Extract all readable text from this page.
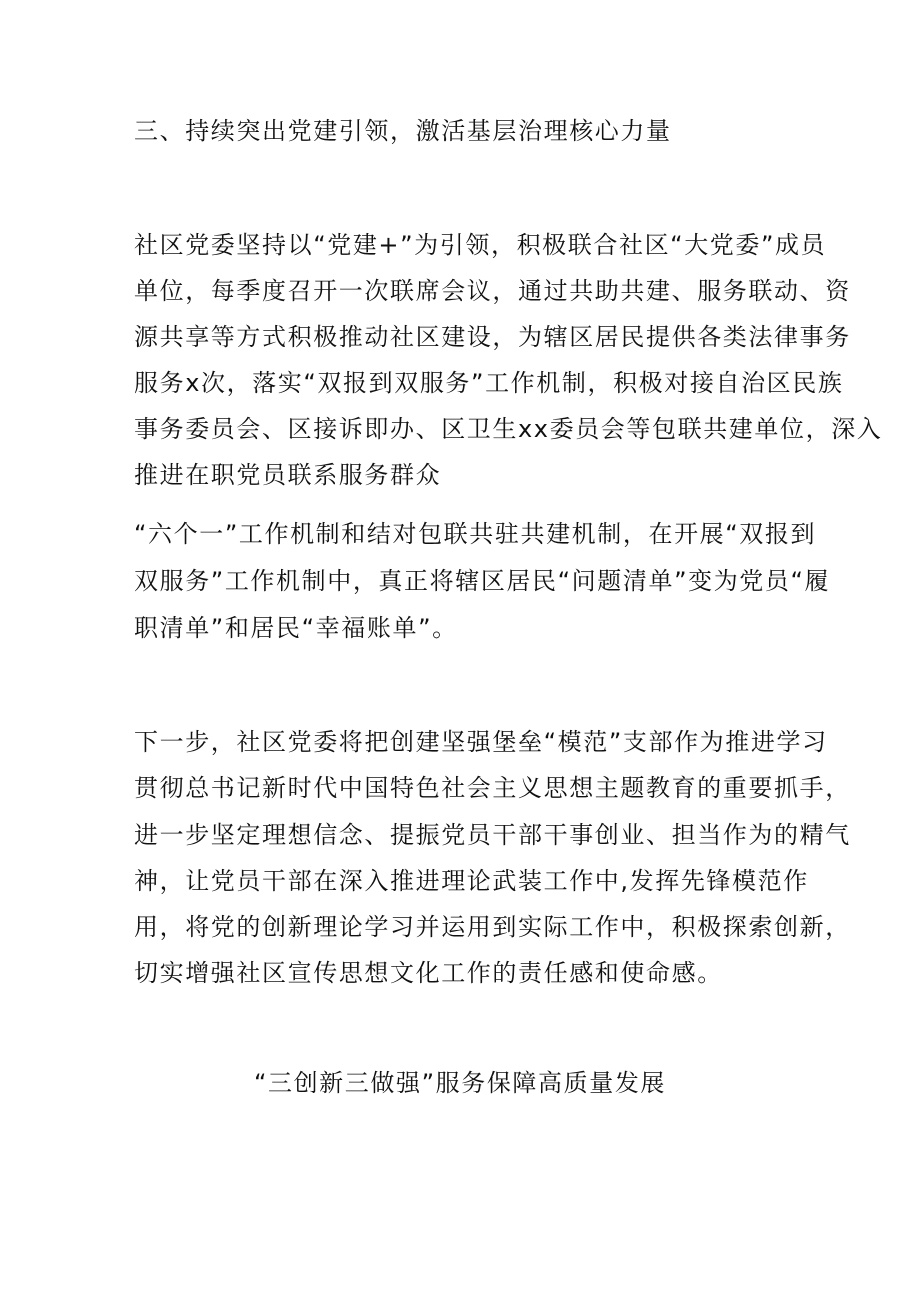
三、持续突出党建引领，激活基层治理核心力量
社区党委坚持以“党建+”为引领，积极联合社区“大党委”成员
单位，每季度召开一次联席会议，通过共助共建、服务联动、资
源共享等方式积极推动社区建设，为辖区居民提供各类法律事务
服务x次，落实“双报到双服务”工作机制，积极对接自治区民族
事务委员会、区接诉即办、区卫生xx委员会等包联共建单位，深入
推进在职党员联系服务群众
“六个一”工作机制和结对包联共驻共建机制，在开展“双报到
双服务”工作机制中，真正将辖区居民“问题清单”变为党员“履
职清单”和居民“幸福账单”。
下一步，社区党委将把创建坚强堡垒“模范”支部作为推进学习
贯彻总书记新时代中国特色社会主义思想主题教育的重要抓手，
进一步坚定理想信念、提振党员干部干事创业、担当作为的精气
神，让党员干部在深入推进理论武装工作中,发挥先锋模范作
用，将党的创新理论学习并运用到实际工作中，积极探索创新，
切实增强社区宣传思想文化工作的责任感和使命感。
“三创新三做强”服务保障高质量发展
